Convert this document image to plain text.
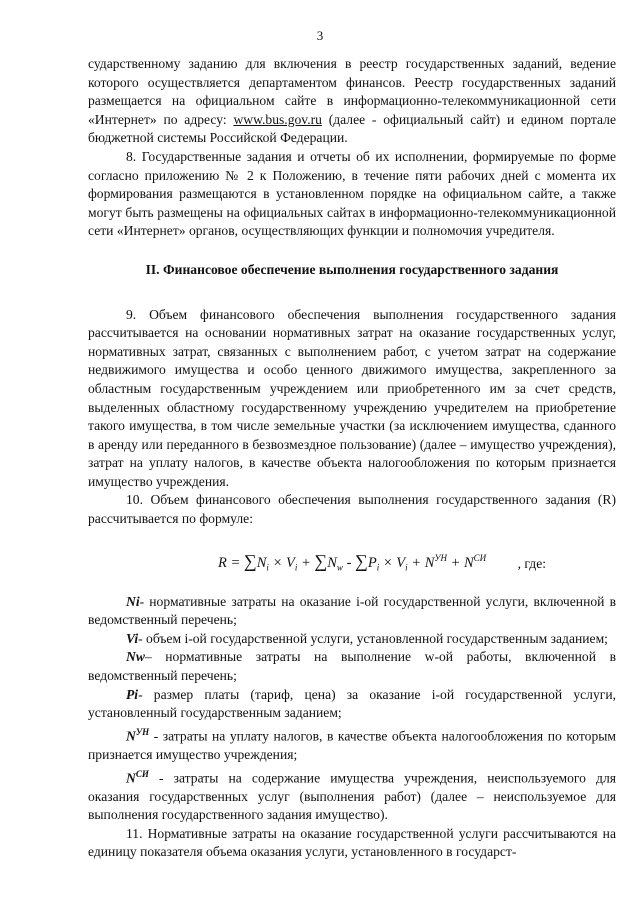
3

сударственному заданию для включения в реестр государственных заданий, ведение которого осуществляется департаментом финансов. Реестр государственных заданий размещается на официальном сайте в информационно-телекоммуникационной сети «Интернет» по адресу: www.bus.gov.ru (далее - официальный сайт) и едином портале бюджетной системы Российской Федерации.

8. Государственные задания и отчеты об их исполнении, формируемые по форме согласно приложению № 2 к Положению, в течение пяти рабочих дней с момента их формирования размещаются в установленном порядке на официальном сайте, а также могут быть размещены на официальных сайтах в информационно-телекоммуникационной сети «Интернет» органов, осуществляющих функции и полномочия учредителя.

II. Финансовое обеспечение выполнения государственного задания

9. Объем финансового обеспечения выполнения государственного задания рассчитывается на основании нормативных затрат на оказание государственных услуг, нормативных затрат, связанных с выполнением работ, с учетом затрат на содержание недвижимого имущества и особо ценного движимого имущества, закрепленного за областным государственным учреждением или приобретенного им за счет средств, выделенных областному государственному учреждению учредителем на приобретение такого имущества, в том числе земельные участки (за исключением имущества, сданного в аренду или переданного в безвозмездное пользование) (далее – имущество учреждения), затрат на уплату налогов, в качестве объекта налогообложения по которым признается имущество учреждения.

10. Объем финансового обеспечения выполнения государственного задания (R) рассчитывается по формуле:

$R = \sum N_i \times V_i + \sum N_w - \sum P_i \times V_i + N^{УН} + N^{СИ}$ , где:

Ni- нормативные затраты на оказание i-ой государственной услуги, включенной в ведомственный перечень;

Vi- объем i-ой государственной услуги, установленной государственным заданием;

Nw– нормативные затраты на выполнение w-ой работы, включенной в ведомственный перечень;

Pi- размер платы (тариф, цена) за оказание i-ой государственной услуги, установленный государственным заданием;

$N^{УН}$ - затраты на уплату налогов, в качестве объекта налогообложения по которым признается имущество учреждения;

$N^{СИ}$ - затраты на содержание имущества учреждения, неиспользуемого для оказания государственных услуг (выполнения работ) (далее – неиспользуемое для выполнения государственного задания имущество).

11. Нормативные затраты на оказание государственной услуги рассчитываются на единицу показателя объема оказания услуги, установленного в государст-
